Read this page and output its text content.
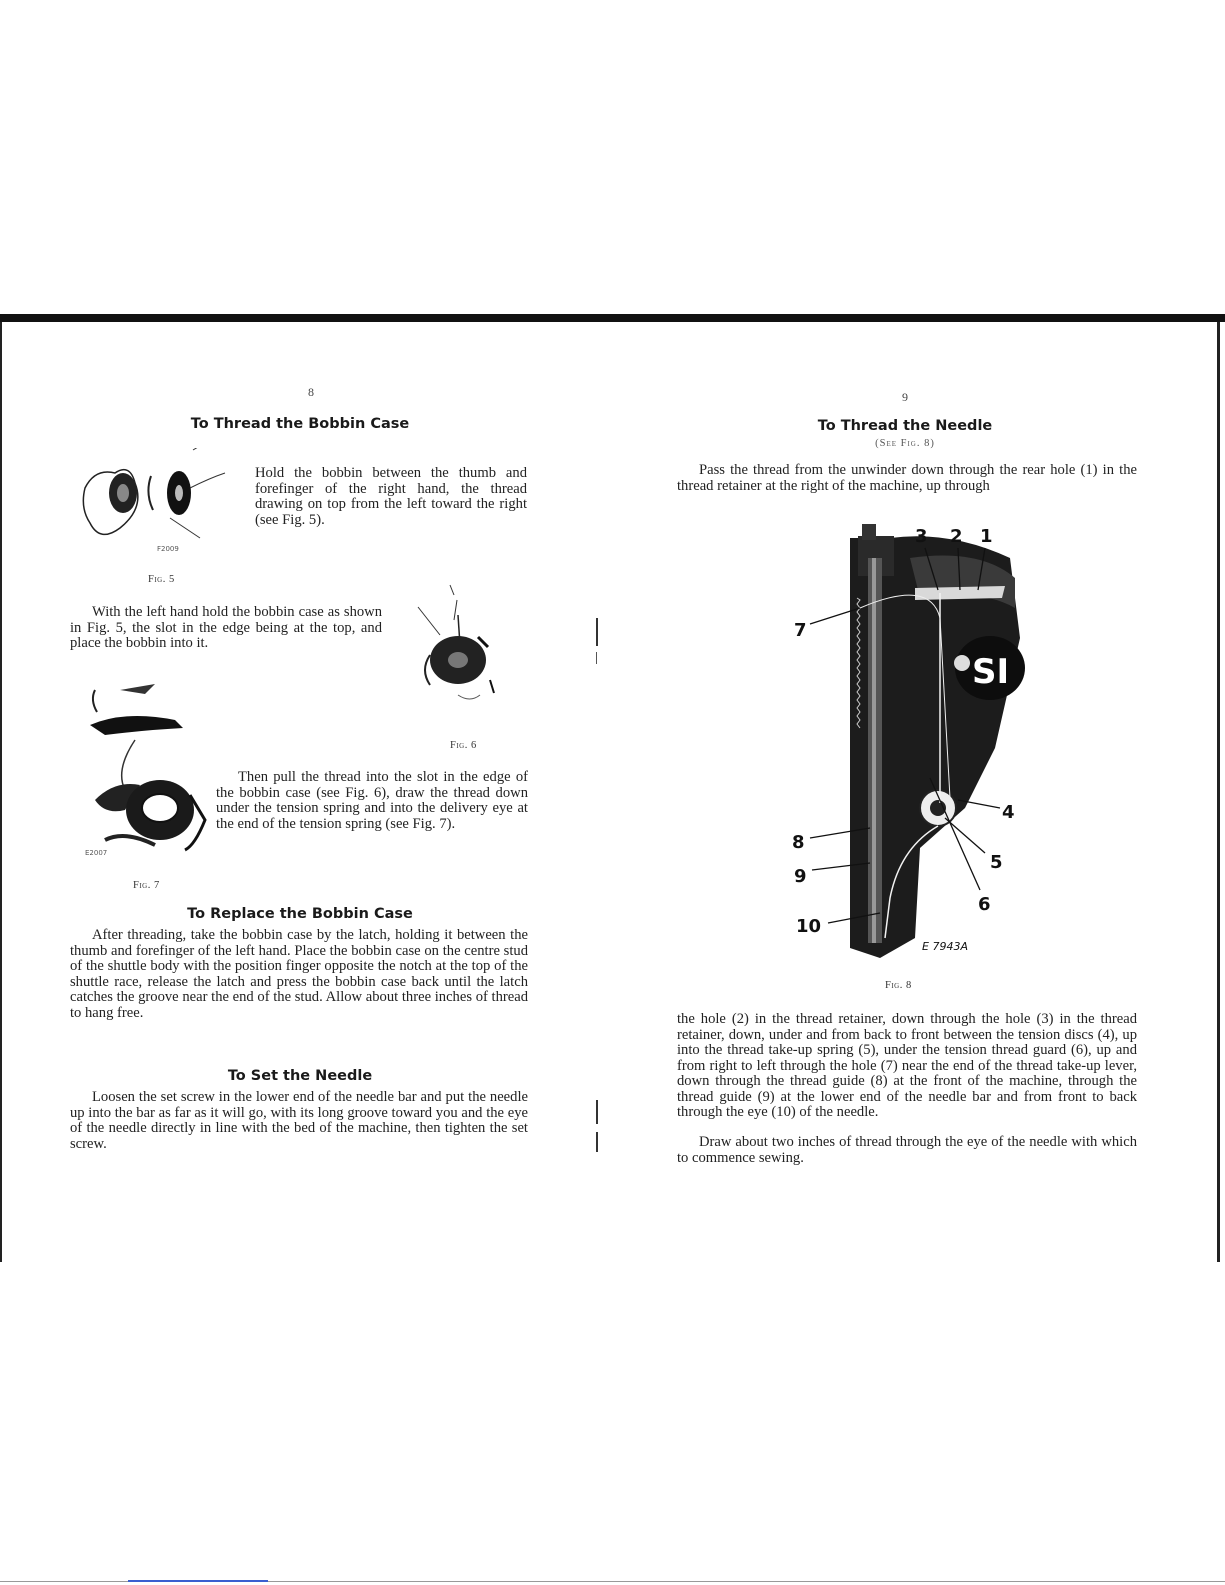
8
To Thread the Bobbin Case
F2009
Hold the bobbin between the thumb and forefinger of the right hand, the thread drawing on top from the left toward the right (see Fig. 5).
Fig. 5
With the left hand hold the bobbin case as shown in Fig. 5, the slot in the edge being at the top, and place the bobbin into it.
Fig. 6
E2007
Then pull the thread into the slot in the edge of the bobbin case (see Fig. 6), draw the thread down under the tension spring and into the delivery eye at the end of the tension spring (see Fig. 7).
Fig. 7
To Replace the Bobbin Case
After threading, take the bobbin case by the latch, holding it between the thumb and forefinger of the left hand. Place the bobbin case on the centre stud of the shuttle body with the position finger opposite the notch at the top of the shuttle race, release the latch and press the bobbin case back until the latch catches the groove near the end of the stud. Allow about three inches of thread to hang free.
To Set the Needle
Loosen the set screw in the lower end of the needle bar and put the needle up into the bar as far as it will go, with its long groove toward you and the eye of the needle directly in line with the bed of the machine, then tighten the set screw.
9
To Thread the Needle
(See Fig. 8)
Pass the thread from the unwinder down through the rear hole (1) in the thread retainer at the right of the machine, up through
SI
3 2 1
7
4
8
5
9
6
10
E 7943A
Fig. 8
the hole (2) in the thread retainer, down through the hole (3) in the thread retainer, down, under and from back to front between the tension discs (4), up into the thread take-up spring (5), under the tension thread guard (6), up and from right to left through the hole (7) near the end of the thread take-up lever, down through the thread guide (8) at the front of the machine, through the thread guide (9) at the lower end of the needle bar and from front to back through the eye (10) of the needle.
Draw about two inches of thread through the eye of the needle with which to commence sewing.
